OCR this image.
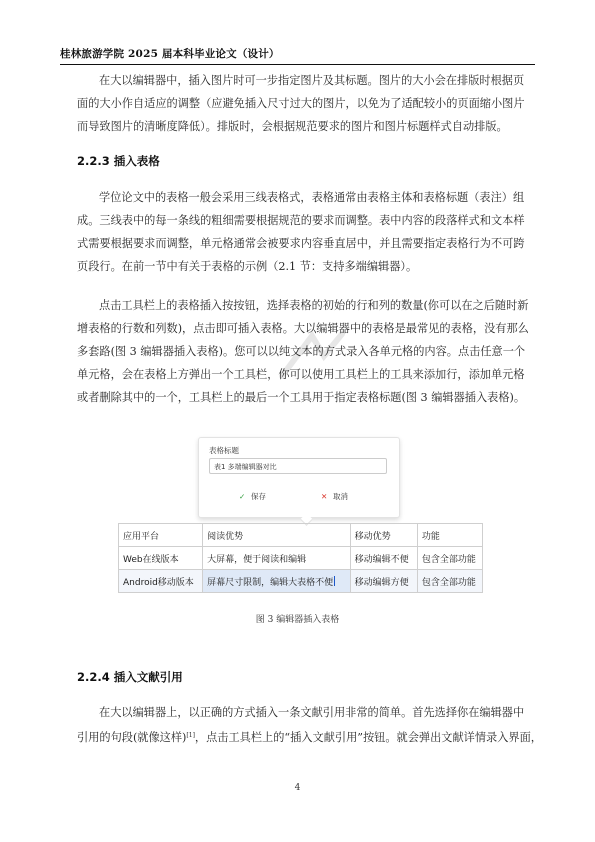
桂林旅游学院 2025 届本科毕业论文（设计）
在大以编辑器中，插入图片时可一步指定图片及其标题。图片的大小会在排版时根据页
面的大小作自适应的调整（应避免插入尺寸过大的图片，以免为了适配较小的页面缩小图片
而导致图片的清晰度降低）。排版时，会根据规范要求的图片和图片标题样式自动排版。
2.2.3 插入表格
学位论文中的表格一般会采用三线表格式，表格通常由表格主体和表格标题（表注）组
成。三线表中的每一条线的粗细需要根据规范的要求而调整。表中内容的段落样式和文本样
式需要根据要求而调整，单元格通常会被要求内容垂直居中，并且需要指定表格行为不可跨
页段行。在前一节中有关于表格的示例（2.1 节：支持多端编辑器）。
点击工具栏上的表格插入按按钮，选择表格的初始的行和列的数量(你可以在之后随时新
增表格的行数和列数)，点击即可插入表格。大以编辑器中的表格是最常见的表格，没有那么
多套路(图 3 编辑器插入表格)。您可以以纯文本的方式录入各单元格的内容。点击任意一个
单元格，会在表格上方弹出一个工具栏，你可以使用工具栏上的工具来添加行，添加单元格
或者删除其中的一个，工具栏上的最后一个工具用于指定表格标题(图 3 编辑器插入表格)。
表格标题
表1 多端编辑器对比
✓ 保存	✕ 取消
应用平台	阅读优势	移动优势	功能
Web在线版本	大屏幕，便于阅读和编辑	移动编辑不便	包含全部功能
Android移动版本	屏幕尺寸限制，编辑大表格不便	移动编辑方便	包含全部功能
图 3 编辑器插入表格
2.2.4 插入文献引用
在大以编辑器上，以正确的方式插入一条文献引用非常的简单。首先选择你在编辑器中
引用的句段(就像这样)[1]，点击工具栏上的“插入文献引用”按钮。就会弹出文献详情录入界面，
4
